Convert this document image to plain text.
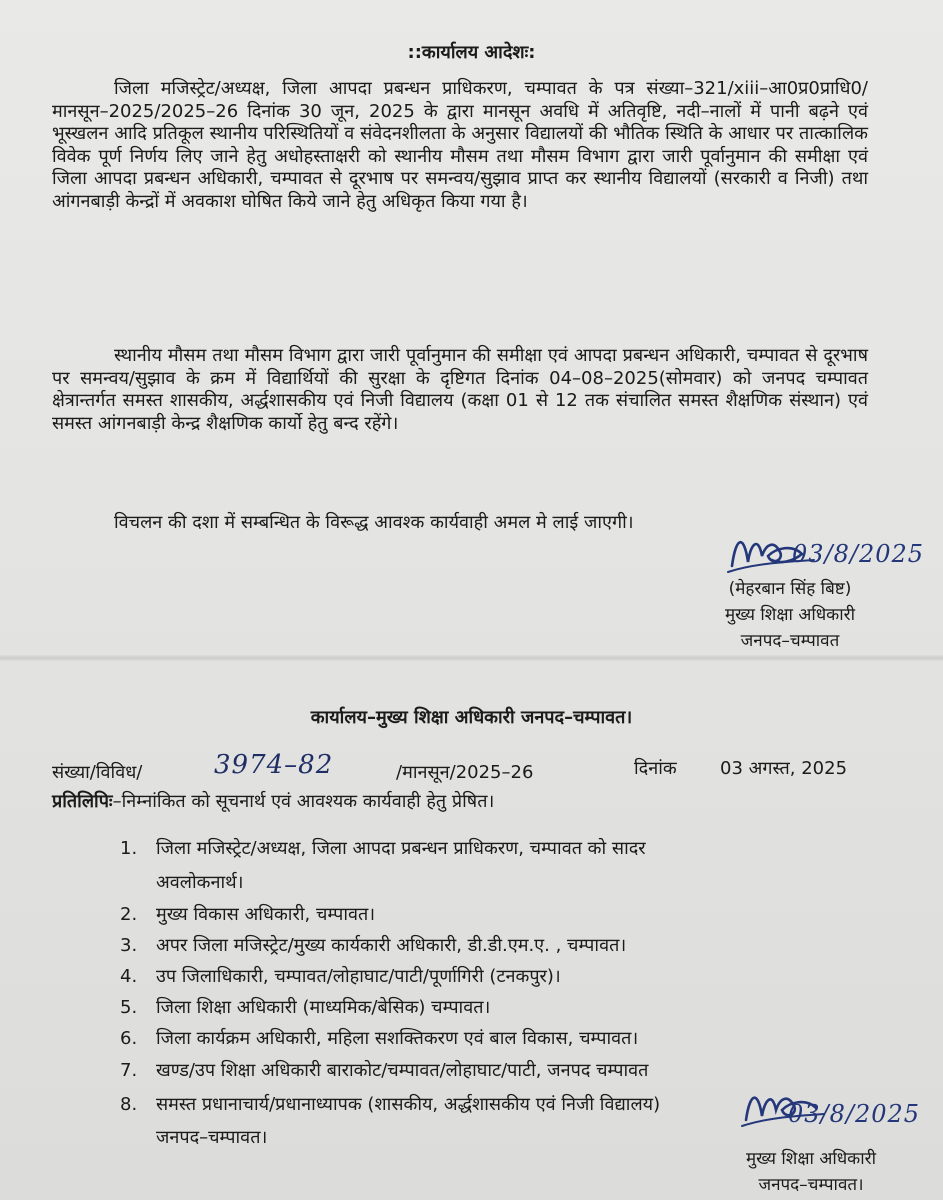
::कार्यालय आदेशः:
जिला मजिस्ट्रेट/अध्यक्ष, जिला आपदा प्रबन्धन प्राधिकरण, चम्पावत के पत्र संख्या–321/xiii–आ0प्र0प्राधि0/मानसून–2025/2025–26 दिनांक 30 जून, 2025 के द्वारा मानसून अवधि में अतिवृष्टि, नदी–नालों में पानी बढ़ने एवं भूस्खलन आदि प्रतिकूल स्थानीय परिस्थितियों व संवेदनशीलता के अनुसार विद्यालयों की भौतिक स्थिति के आधार पर तात्कालिक विवेक पूर्ण निर्णय लिए जाने हेतु अधोहस्ताक्षरी को स्थानीय मौसम तथा मौसम विभाग द्वारा जारी पूर्वानुमान की समीक्षा एवं जिला आपदा प्रबन्धन अधिकारी, चम्पावत से दूरभाष पर समन्वय/सुझाव प्राप्त कर स्थानीय विद्यालयों (सरकारी व निजी) तथा आंगनबाड़ी केन्द्रों में अवकाश घोषित किये जाने हेतु अधिकृत किया गया है।
स्थानीय मौसम तथा मौसम विभाग द्वारा जारी पूर्वानुमान की समीक्षा एवं आपदा प्रबन्धन अधिकारी, चम्पावत से दूरभाष पर समन्वय/सुझाव के क्रम में विद्यार्थियों की सुरक्षा के दृष्टिगत दिनांक 04–08–2025(सोमवार) को जनपद चम्पावत क्षेत्रान्तर्गत समस्त शासकीय, अर्द्धशासकीय एवं निजी विद्यालय (कक्षा 01 से 12 तक संचालित समस्त शैक्षणिक संस्थान) एवं समस्त आंगनबाड़ी केन्द्र शैक्षणिक कार्यो हेतु बन्द रहेंगे।
विचलन की दशा में सम्बन्धित के विरूद्ध आवश्क कार्यवाही अमल मे लाई जाएगी।
03/8/2025
(मेहरबान सिंह बिष्ट)
मुख्य शिक्षा अधिकारी
जनपद–चम्पावत
कार्यालय–मुख्य शिक्षा अधिकारी जनपद–चम्पावत।
संख्या/विविध/	3974–82	/मानसून/2025–26	दिनांक 03 अगस्त, 2025
प्रतिलिपिः–निम्नांकित को सूचनार्थ एवं आवश्यक कार्यवाही हेतु प्रेषित।
1. जिला मजिस्ट्रेट/अध्यक्ष, जिला आपदा प्रबन्धन प्राधिकरण, चम्पावत को सादर
अवलोकनार्थ।
2. मुख्य विकास अधिकारी, चम्पावत।
3. अपर जिला मजिस्ट्रेट/मुख्य कार्यकारी अधिकारी, डी.डी.एम.ए. , चम्पावत।
4. उप जिलाधिकारी, चम्पावत/लोहाघाट/पाटी/पूर्णागिरी (टनकपुर)।
5. जिला शिक्षा अधिकारी (माध्यमिक/बेसिक) चम्पावत।
6. जिला कार्यक्रम अधिकारी, महिला सशक्तिकरण एवं बाल विकास, चम्पावत।
7. खण्ड/उप शिक्षा अधिकारी बाराकोट/चम्पावत/लोहाघाट/पाटी, जनपद चम्पावत
8. समस्त प्रधानाचार्य/प्रधानाध्यापक (शासकीय, अर्द्धशासकीय एवं निजी विद्यालय)
जनपद–चम्पावत।
03/8/2025
मुख्य शिक्षा अधिकारी
जनपद–चम्पावत।
